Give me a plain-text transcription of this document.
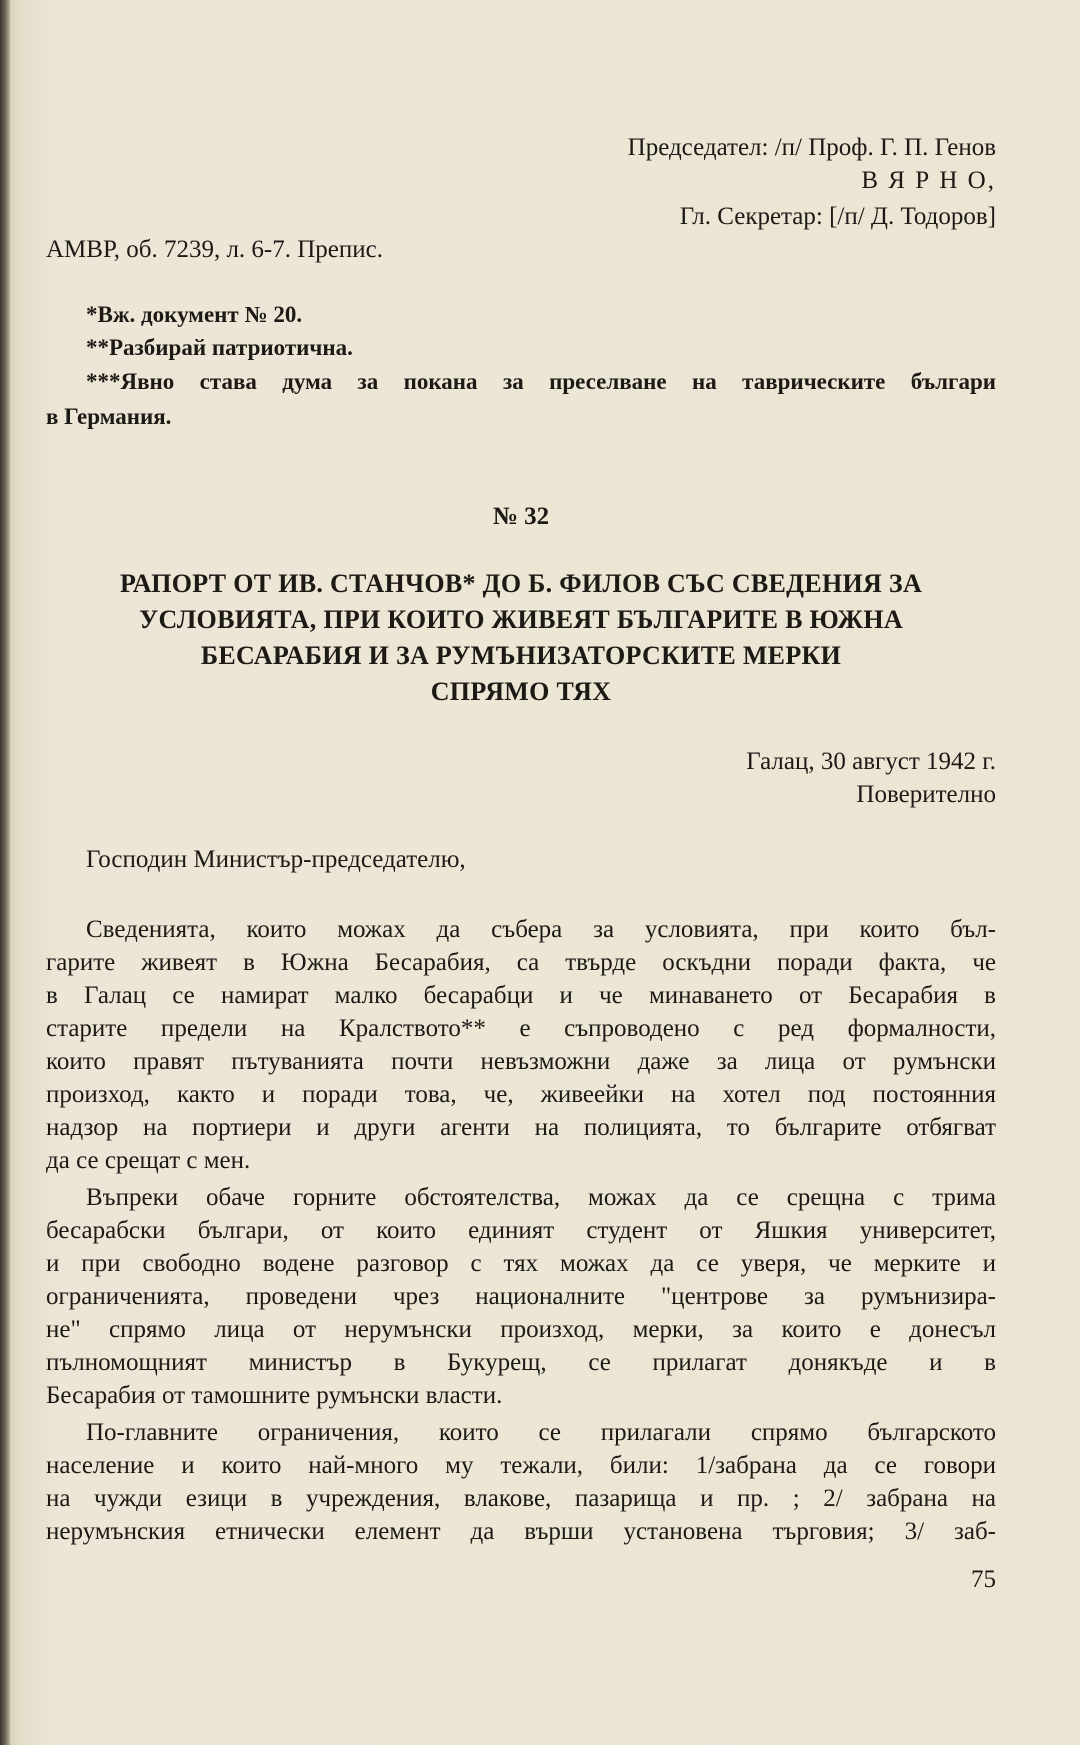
Председател: /п/ Проф. Г. П. Генов
В Я Р Н О,
Гл. Секретар: [/п/ Д. Тодоров]
АМВР, об. 7239, л. 6-7. Препис.
*Вж. документ № 20.
**Разбирай патриотична.
***Явно става дума за покана за преселване на таврическите българи
в Германия.
№ 32
РАПОРТ ОТ ИВ. СТАНЧОВ* ДО Б. ФИЛОВ СЪС СВЕДЕНИЯ ЗА
УСЛОВИЯТА, ПРИ КОИТО ЖИВЕЯТ БЪЛГАРИТЕ В ЮЖНА
БЕСАРАБИЯ И ЗА РУМЪНИЗАТОРСКИТЕ МЕРКИ
СПРЯМО ТЯХ
Галац, 30 август 1942 г.
Поверително
Господин Министър-председателю,
Сведенията, които можах да събера за условията, при които бъл-
гарите живеят в Южна Бесарабия, са твърде оскъдни поради факта, че
в Галац се намират малко бесарабци и че минаването от Бесарабия в
старите предели на Кралството** е съпроводено с ред формалности,
които правят пътуванията почти невъзможни даже за лица от румънски
произход, както и поради това, че, живеейки на хотел под постоянния
надзор на портиери и други агенти на полицията, то българите отбягват
да се срещат с мен.
Въпреки обаче горните обстоятелства, можах да се срещна с трима
бесарабски българи, от които единият студент от Яшкия университет,
и при свободно водене разговор с тях можах да се уверя, че мерките и
ограниченията, проведени чрез националните "центрове за румънизира-
не" спрямо лица от нерумънски произход, мерки, за които е донесъл
пълномощният министър в Букурещ, се прилагат донякъде и в
Бесарабия от тамошните румънски власти.
По-главните ограничения, които се прилагали спрямо българското
население и които най-много му тежали, били: 1/забрана да се говори
на чужди езици в учреждения, влакове, пазарища и пр. ; 2/ забрана на
нерумънския етнически елемент да върши установена търговия; 3/ заб-
75
